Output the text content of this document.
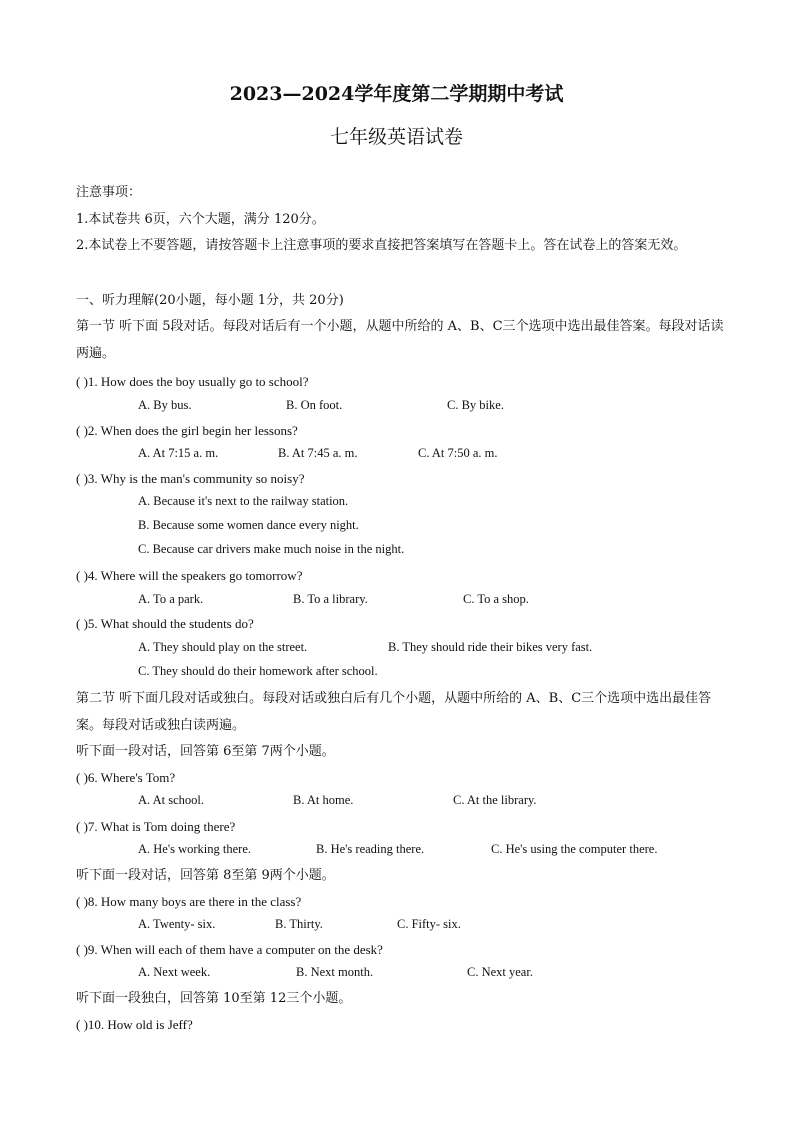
2023—2024学年度第二学期期中考试
七年级英语试卷
注意事项：
1.本试卷共 6页，六个大题，满分 120分。
2.本试卷上不要答题，请按答题卡上注意事项的要求直接把答案填写在答题卡上。答在试卷上的答案无效。
一、听力理解(20小题，每小题 1分，共 20分)
第一节 听下面 5段对话。每段对话后有一个小题，从题中所给的 A、B、C三个选项中选出最佳答案。每段对话读两遍。
( )1. How does the boy usually go to school?
A. By bus.	B. On foot.	C. By bike.
( )2. When does the girl begin her lessons?
A. At 7:15 a. m.	B. At 7:45 a. m.	C. At 7:50 a. m.
( )3. Why is the man's community so noisy?
A. Because it's next to the railway station.
B. Because some women dance every night.
C. Because car drivers make much noise in the night.
( )4. Where will the speakers go tomorrow?
A. To a park.	B. To a library.	C. To a shop.
( )5. What should the students do?
A. They should play on the street.	B. They should ride their bikes very fast.
C. They should do their homework after school.
第二节 听下面几段对话或独白。每段对话或独白后有几个小题，从题中所给的 A、B、C三个选项中选出最佳答案。每段对话或独白读两遍。
听下面一段对话，回答第 6至第 7两个小题。
( )6. Where's Tom?
A. At school.	B. At home.	C. At the library.
( )7. What is Tom doing there?
A. He's working there.	B. He's reading there.	C. He's using the computer there.
听下面一段对话，回答第 8至第 9两个小题。
( )8. How many boys are there in the class?
A. Twenty- six.	B. Thirty.	C. Fifty- six.
( )9. When will each of them have a computer on the desk?
A. Next week.	B. Next month.	C. Next year.
听下面一段独白，回答第 10至第 12三个小题。
( )10. How old is Jeff?
